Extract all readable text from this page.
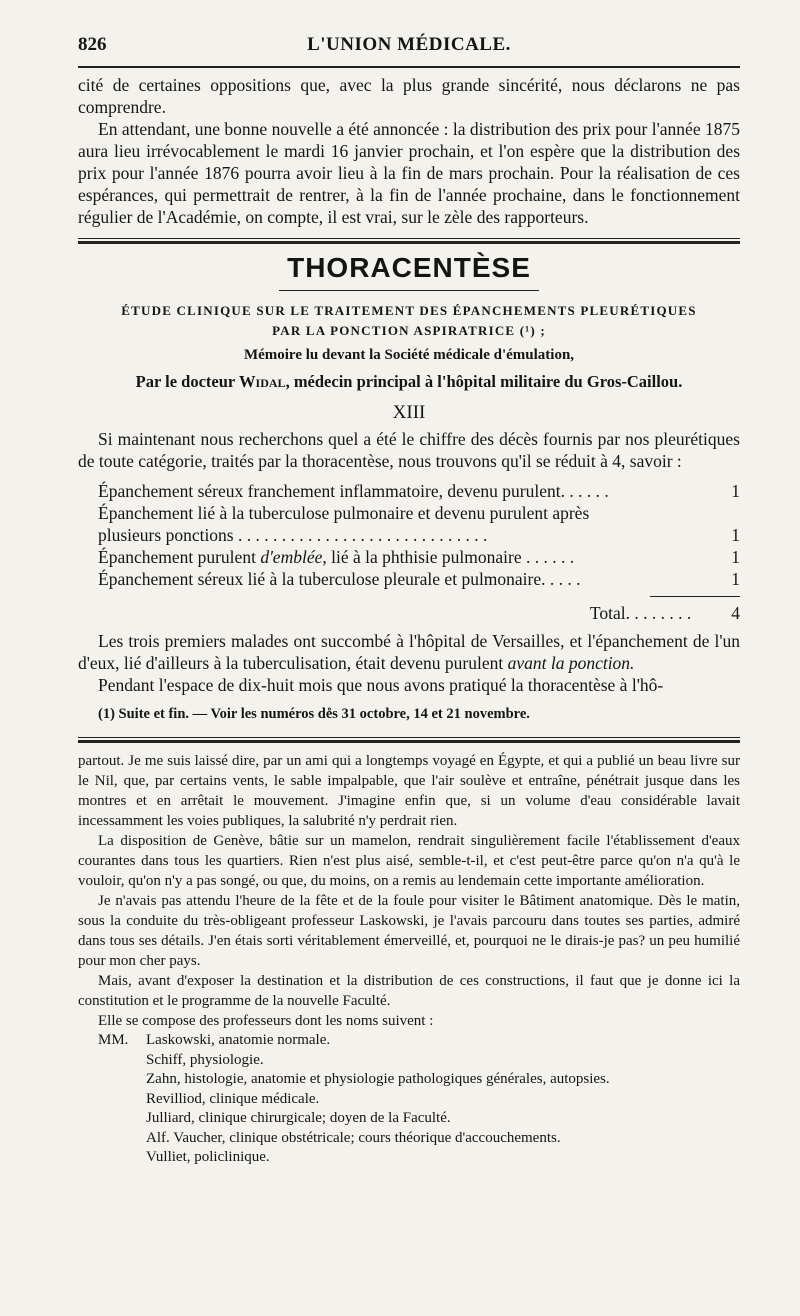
826	L'UNION MÉDICALE.

cité de certaines oppositions que, avec la plus grande sincérité, nous déclarons ne pas comprendre.

En attendant, une bonne nouvelle a été annoncée : la distribution des prix pour l'année 1875 aura lieu irrévocablement le mardi 16 janvier prochain, et l'on espère que la distribution des prix pour l'année 1876 pourra avoir lieu à la fin de mars prochain. Pour la réalisation de ces espérances, qui permettrait de rentrer, à la fin de l'année prochaine, dans le fonctionnement régulier de l'Académie, on compte, il est vrai, sur le zèle des rapporteurs.

THORACENTÈSE
ÉTUDE CLINIQUE SUR LE TRAITEMENT DES ÉPANCHEMENTS PLEURÉTIQUES
PAR LA PONCTION ASPIRATRICE (¹) ;
Mémoire lu devant la Société médicale d'émulation,
Par le docteur Widal, médecin principal à l'hôpital militaire du Gros-Caillou.
XIII

Si maintenant nous recherchons quel a été le chiffre des décès fournis par nos pleurétiques de toute catégorie, traités par la thoracentèse, nous trouvons qu'il se réduit à 4, savoir :

Épanchement séreux franchement inflammatoire, devenu purulent. . . . . .	1
Épanchement lié à la tuberculose pulmonaire et devenu purulent après
plusieurs ponctions . . . . . . . . . . . . . . . . . . . . . . . . . . . . .	1
Épanchement purulent d'emblée, lié à la phthisie pulmonaire . . . . . .	1
Épanchement séreux lié à la tuberculose pleurale et pulmonaire. . . . .	1
Total. . . . . . . . 4

Les trois premiers malades ont succombé à l'hôpital de Versailles, et l'épanchement de l'un d'eux, lié d'ailleurs à la tuberculisation, était devenu purulent avant la ponction.

Pendant l'espace de dix-huit mois que nous avons pratiqué la thoracentèse à l'hô-

(1) Suite et fin. — Voir les numéros de̊s 31 octobre, 14 et 21 novembre.

partout. Je me suis laissé dire, par un ami qui a longtemps voyagé en Égypte, et qui a publié un beau livre sur le Nil, que, par certains vents, le sable impalpable, que l'air soulève et entraîne, pénétrait jusque dans les montres et en arrêtait le mouvement. J'imagine enfin que, si un volume d'eau considérable lavait incessamment les voies publiques, la salubrité n'y perdrait rien.

La disposition de Genève, bâtie sur un mamelon, rendrait singulièrement facile l'établissement d'eaux courantes dans tous les quartiers. Rien n'est plus aisé, semble-t-il, et c'est peut-être parce qu'on n'a qu'à le vouloir, qu'on n'y a pas songé, ou que, du moins, on a remis au lendemain cette importante amélioration.

Je n'avais pas attendu l'heure de la fête et de la foule pour visiter le Bâtiment anatomique. Dès le matin, sous la conduite du très-obligeant professeur Laskowski, je l'avais parcouru dans toutes ses parties, admiré dans tous ses détails. J'en étais sorti véritablement émerveillé, et, pourquoi ne le dirais-je pas? un peu humilié pour mon cher pays.

Mais, avant d'exposer la destination et la distribution de ces constructions, il faut que je donne ici la constitution et le programme de la nouvelle Faculté.

Elle se compose des professeurs dont les noms suivent :

MM.	Laskowski, anatomie normale.
Schiff, physiologie.
Zahn, histologie, anatomie et physiologie pathologiques générales, autopsies.
Revilliod, clinique médicale.
Julliard, clinique chirurgicale; doyen de la Faculté.
Alf. Vaucher, clinique obstétricale; cours théorique d'accouchements.
Vulliet, policlinique.
